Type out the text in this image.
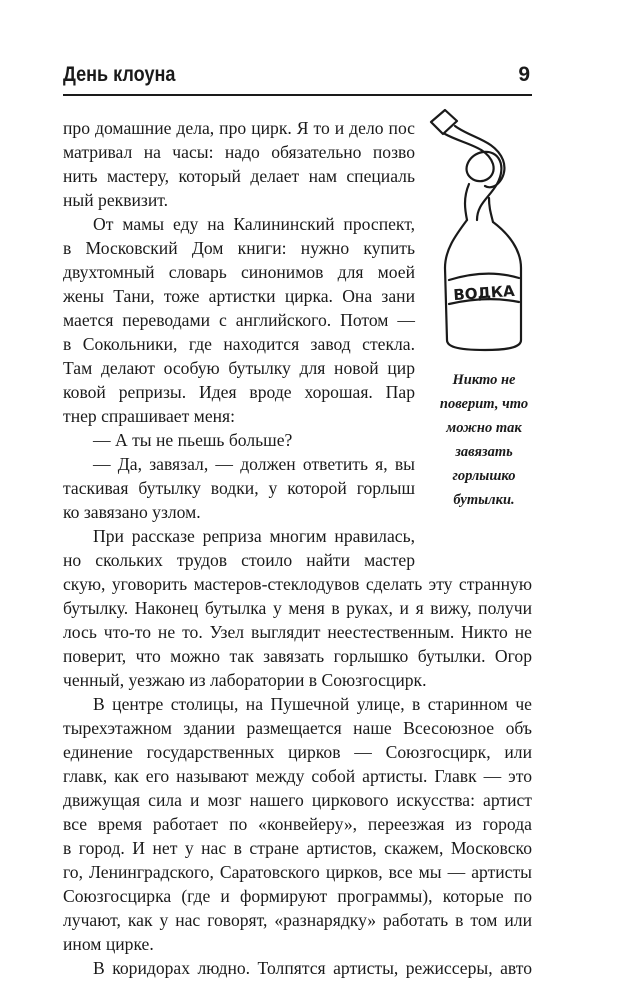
День клоуна	9
ВОДКА
Никто не
поверит, что
можно так
завязать
горлышко
бутылки.
про домашние дела, про цирк. Я то и дело пос
матривал на часы: надо обязательно позво
нить мастеру, который делает нам специаль
ный реквизит.
От мамы еду на Калининский проспект,
в Московский Дом книги: нужно купить
двухтомный словарь синонимов для моей
жены Тани, тоже артистки цирка. Она зани
мается переводами с английского. Потом —
в Сокольники, где находится завод стекла.
Там делают особую бутылку для новой цир
ковой репризы. Идея вроде хорошая. Пар
тнер спрашивает меня:
— А ты не пьешь больше?
— Да, завязал, — должен ответить я, вы
таскивая бутылку водки, у которой горлыш
ко завязано узлом.
При рассказе реприза многим нравилась,
но скольких трудов стоило найти мастер
скую, уговорить мастеров-стеклодувов сделать эту странную
бутылку. Наконец бутылка у меня в руках, и я вижу, получи
лось что-то не то. Узел выглядит неестественным. Никто не
поверит, что можно так завязать горлышко бутылки. Огор
ченный, уезжаю из лаборатории в Союзгосцирк.
В центре столицы, на Пушечной улице, в старинном че
тырехэтажном здании размещается наше Всесоюзное объ
единение государственных цирков — Союзгосцирк, или
главк, как его называют между собой артисты. Главк — это
движущая сила и мозг нашего циркового искусства: артист
все время работает по «конвейеру», переезжая из города
в город. И нет у нас в стране артистов, скажем, Московско
го, Ленинградского, Саратовского цирков, все мы — артисты
Союзгосцирка (где и формируют программы), которые по
лучают, как у нас говорят, «разнарядку» работать в том или
ином цирке.
В коридорах людно. Толпятся артисты, режиссеры, авто
